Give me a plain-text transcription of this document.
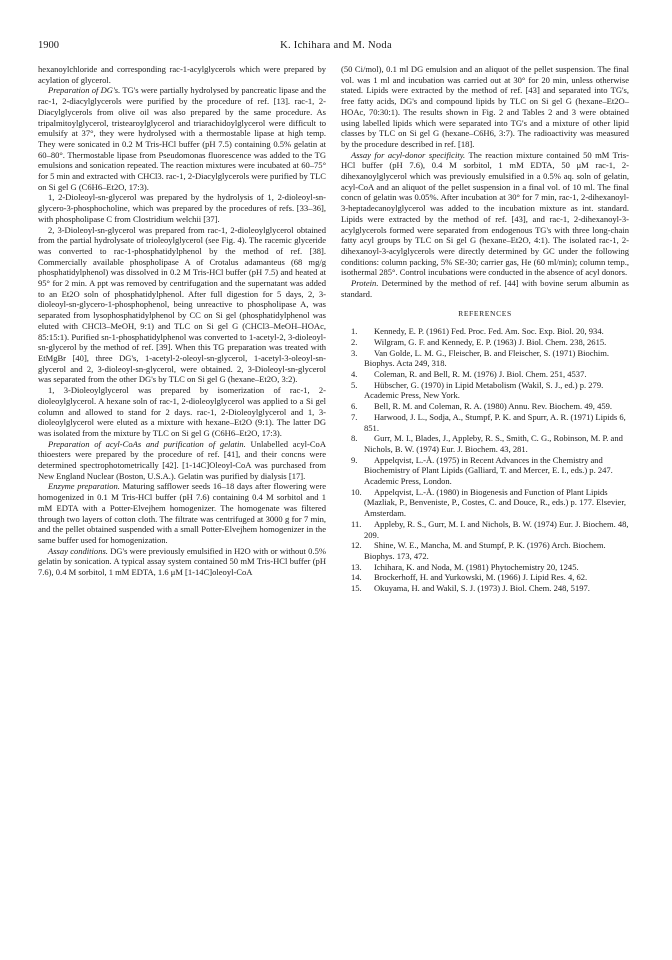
1900	K. Ichihara and M. Noda

hexanoylchloride and corresponding rac-1-acylglycerols which were prepared by acylation of glycerol.

Preparation of DG's. TG's were partially hydrolysed by pancreatic lipase and the rac-1, 2-diacylglycerols were purified by the procedure of ref. [13]. rac-1, 2-Diacylglycerols from olive oil was also prepared by the same procedure. As tripalmitoylglycerol, tristearoylglycerol and triarachidoylglycerol were difficult to emulsify at 37°, they were hydrolysed with a thermostable lipase at high temp. They were sonicated in 0.2 M Tris-HCl buffer (pH 7.5) containing 0.5% gelatin at 60–80°. Thermostable lipase from Pseudomonas fluorescence was added to the TG emulsions and sonication repeated. The reaction mixtures were incubated at 60–75° for 5 min and extracted with CHCl3. rac-1, 2-Diacylglycerols were purified by TLC on Si gel G (C6H6–Et2O, 17:3).

1, 2-Dioleoyl-sn-glycerol was prepared by the hydrolysis of 1, 2-dioleoyl-sn-glycero-3-phosphocholine, which was prepared by the procedures of refs. [33–36], with phospholipase C from Clostridium welchii [37].

2, 3-Dioleoyl-sn-glycerol was prepared from rac-1, 2-dioleoylglycerol obtained from the partial hydrolysate of trioleoylglycerol (see Fig. 4). The racemic glyceride was converted to rac-1-phosphatidylphenol by the method of ref. [38]. Commercially available phospholipase A of Crotalus adamanteus (68 mg/g phosphatidylphenol) was dissolved in 0.2 M Tris-HCl buffer (pH 7.5) and heated at 95° for 2 min. A ppt was removed by centrifugation and the supernatant was added to an Et2O soln of phosphatidylphenol. After full digestion for 5 days, 2, 3-dioleoyl-sn-glycero-1-phosphophenol, being unreactive to phospholipase A, was separated from lysophosphatidylphenol by CC on Si gel (phosphatidylphenol was eluted with CHCl3–MeOH, 9:1) and TLC on Si gel G (CHCl3–MeOH–HOAc, 85:15:1). Purified sn-1-phosphatidylphenol was converted to 1-acetyl-2, 3-dioleoyl-sn-glycerol by the method of ref. [39]. When this TG preparation was treated with EtMgBr [40], three DG's, 1-acetyl-2-oleoyl-sn-glycerol, 1-acetyl-3-oleoyl-sn-glycerol and 2, 3-dioleoyl-sn-glycerol, were obtained. 2, 3-Dioleoyl-sn-glycerol was separated from the other DG's by TLC on Si gel G (hexane–Et2O, 3:2).

1, 3-Dioleoylglycerol was prepared by isomerization of rac-1, 2-dioleoylglycerol. A hexane soln of rac-1, 2-dioleoylglycerol was applied to a Si gel column and allowed to stand for 2 days. rac-1, 2-Dioleoylglycerol and 1, 3-dioleoylglycerol were eluted as a mixture with hexane–Et2O (9:1). The latter DG was isolated from the mixture by TLC on Si gel G (C6H6–Et2O, 17:3).

Preparation of acyl-CoAs and purification of gelatin. Unlabelled acyl-CoA thioesters were prepared by the procedure of ref. [41], and their concns were determined spectrophotometrically [42]. [1-14C]Oleoyl-CoA was purchased from New England Nuclear (Boston, U.S.A.). Gelatin was purified by dialysis [17].

Enzyme preparation. Maturing safflower seeds 16–18 days after flowering were homogenized in 0.1 M Tris-HCl buffer (pH 7.6) containing 0.4 M sorbitol and 1 mM EDTA with a Potter-Elvejhem homogenizer. The homogenate was filtered through two layers of cotton cloth. The filtrate was centrifuged at 3000 g for 7 min, and the pellet obtained suspended with a small Potter-Elvejhem homogenizer in the same buffer used for homogenization.

Assay conditions. DG's were previously emulsified in H2O with or without 0.5% gelatin by sonication. A typical assay system contained 50 mM Tris-HCl buffer (pH 7.6), 0.4 M sorbitol, 1 mM EDTA, 1.6 μM [1-14C]oleoyl-CoA

(50 Ci/mol), 0.1 ml DG emulsion and an aliquot of the pellet suspension. The final vol. was 1 ml and incubation was carried out at 30° for 20 min, unless otherwise stated. Lipids were extracted by the method of ref. [43] and separated into TG's, free fatty acids, DG's and compound lipids by TLC on Si gel G (hexane–Et2O–HOAc, 70:30:1). The results shown in Fig. 2 and Tables 2 and 3 were obtained using labelled lipids which were separated into TG's and a mixture of other lipid classes by TLC on Si gel G (hexane–C6H6, 3:7). The radioactivity was measured by the procedure described in ref. [18].

Assay for acyl-donor specificity. The reaction mixture contained 50 mM Tris-HCl buffer (pH 7.6), 0.4 M sorbitol, 1 mM EDTA, 50 μM rac-1, 2-dihexanoylglycerol which was previously emulsified in a 0.5% aq. soln of gelatin, acyl-CoA and an aliquot of the pellet suspension in a final vol. of 10 ml. The final concn of gelatin was 0.05%. After incubation at 30° for 7 min, rac-1, 2-dihexanoyl-3-heptadecanoylglycerol was added to the incubation mixture as int. standard. Lipids were extracted by the method of ref. [43], and rac-1, 2-dihexanoyl-3-acylglycerols formed were separated from endogenous TG's with three long-chain fatty acyl groups by TLC on Si gel G (hexane–Et2O, 4:1). The isolated rac-1, 2-dihexanoyl-3-acylglycerols were directly determined by GC under the following conditions: column packing, 5% SE-30; carrier gas, He (60 ml/min); column temp., isothermal 285°. Control incubations were conducted in the absence of acyl donors.

Protein. Determined by the method of ref. [44] with bovine serum albumin as standard.

REFERENCES

1. Kennedy, E. P. (1961) Fed. Proc. Fed. Am. Soc. Exp. Biol. 20, 934.

2. Wilgram, G. F. and Kennedy, E. P. (1963) J. Biol. Chem. 238, 2615.

3. Van Golde, L. M. G., Fleischer, B. and Fleischer, S. (1971) Biochim. Biophys. Acta 249, 318.

4. Coleman, R. and Bell, R. M. (1976) J. Biol. Chem. 251, 4537.

5. Hübscher, G. (1970) in Lipid Metabolism (Wakil, S. J., ed.) p. 279. Academic Press, New York.

6. Bell, R. M. and Coleman, R. A. (1980) Annu. Rev. Biochem. 49, 459.

7. Harwood, J. L., Sodja, A., Stumpf, P. K. and Spurr, A. R. (1971) Lipids 6, 851.

8. Gurr, M. I., Blades, J., Appleby, R. S., Smith, C. G., Robinson, M. P. and Nichols, B. W. (1974) Eur. J. Biochem. 43, 281.

9. Appelqvist, L.-Å. (1975) in Recent Advances in the Chemistry and Biochemistry of Plant Lipids (Galliard, T. and Mercer, E. I., eds.) p. 247. Academic Press, London.

10. Appelqvist, L.-Å. (1980) in Biogenesis and Function of Plant Lipids (Mazliak, P., Benveniste, P., Costes, C. and Douce, R., eds.) p. 177. Elsevier, Amsterdam.

11. Appleby, R. S., Gurr, M. I. and Nichols, B. W. (1974) Eur. J. Biochem. 48, 209.

12. Shine, W. E., Mancha, M. and Stumpf, P. K. (1976) Arch. Biochem. Biophys. 173, 472.

13. Ichihara, K. and Noda, M. (1981) Phytochemistry 20, 1245.

14. Brockerhoff, H. and Yurkowski, M. (1966) J. Lipid Res. 4, 62.

15. Okuyama, H. and Wakil, S. J. (1973) J. Biol. Chem. 248, 5197.
